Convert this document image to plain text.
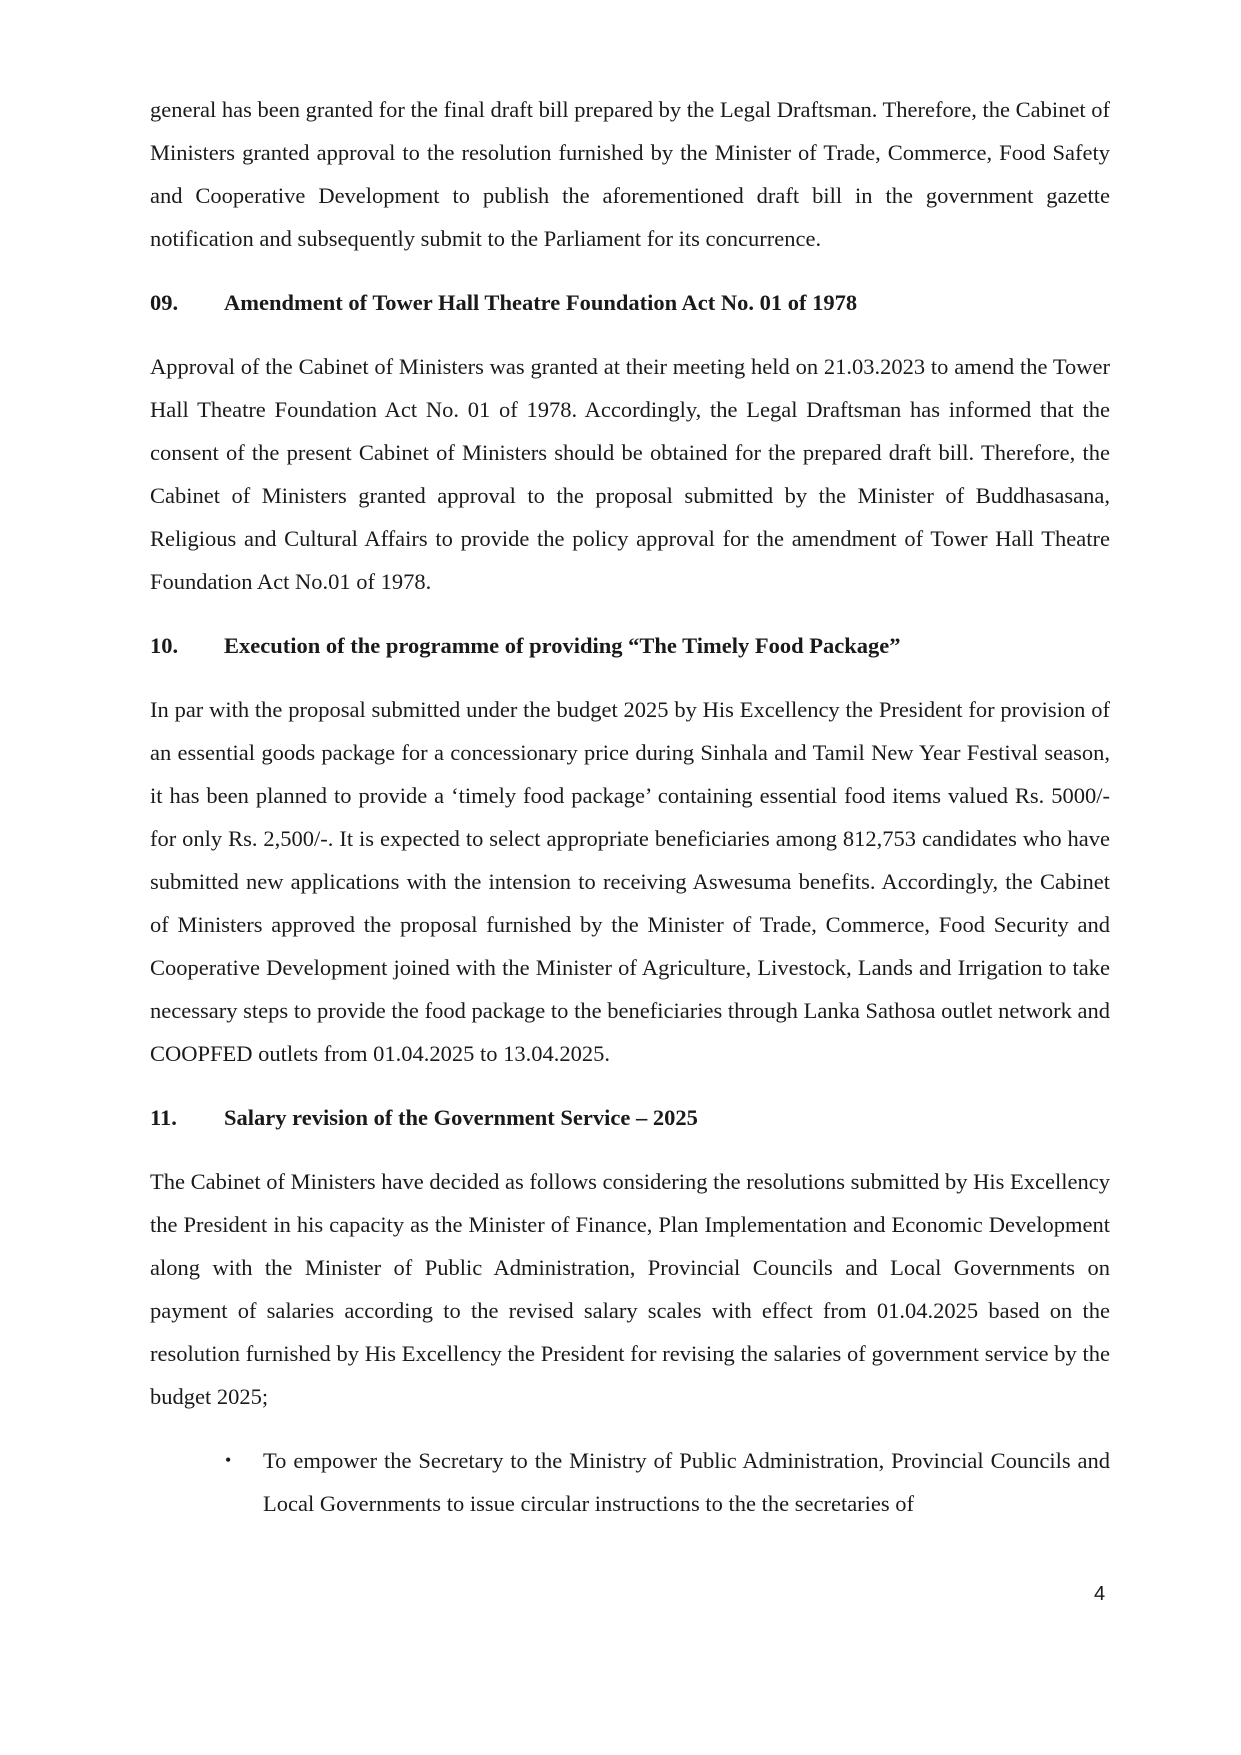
general has been granted for the final draft bill prepared by the Legal Draftsman. Therefore, the Cabinet of Ministers granted approval to the resolution furnished by the Minister of Trade, Commerce, Food Safety and Cooperative Development to publish the aforementioned draft bill in the government gazette notification and subsequently submit to the Parliament for its concurrence.

09.	Amendment of Tower Hall Theatre Foundation Act No. 01 of 1978

Approval of the Cabinet of Ministers was granted at their meeting held on 21.03.2023 to amend the Tower Hall Theatre Foundation Act No. 01 of 1978. Accordingly, the Legal Draftsman has informed that the consent of the present Cabinet of Ministers should be obtained for the prepared draft bill. Therefore, the Cabinet of Ministers granted approval to the proposal submitted by the Minister of Buddhasasana, Religious and Cultural Affairs to provide the policy approval for the amendment of Tower Hall Theatre Foundation Act No.01 of 1978.

10.	Execution of the programme of providing “The Timely Food Package”

In par with the proposal submitted under the budget 2025 by His Excellency the President for provision of an essential goods package for a concessionary price during Sinhala and Tamil New Year Festival season, it has been planned to provide a ‘timely food package’ containing essential food items valued Rs. 5000/- for only Rs. 2,500/-. It is expected to select appropriate beneficiaries among 812,753 candidates who have submitted new applications with the intension to receiving Aswesuma benefits. Accordingly, the Cabinet of Ministers approved the proposal furnished by the Minister of Trade, Commerce, Food Security and Cooperative Development joined with the Minister of Agriculture, Livestock, Lands and Irrigation to take necessary steps to provide the food package to the beneficiaries through Lanka Sathosa outlet network and COOPFED outlets from 01.04.2025 to 13.04.2025.

11.	Salary revision of the Government Service – 2025

The Cabinet of Ministers have decided as follows considering the resolutions submitted by His Excellency the President in his capacity as the Minister of Finance, Plan Implementation and Economic Development along with the Minister of Public Administration, Provincial Councils and Local Governments on payment of salaries according to the revised salary scales with effect from 01.04.2025 based on the resolution furnished by His Excellency the President for revising the salaries of government service by the budget 2025;

• To empower the Secretary to the Ministry of Public Administration, Provincial Councils and Local Governments to issue circular instructions to the the secretaries of
4
